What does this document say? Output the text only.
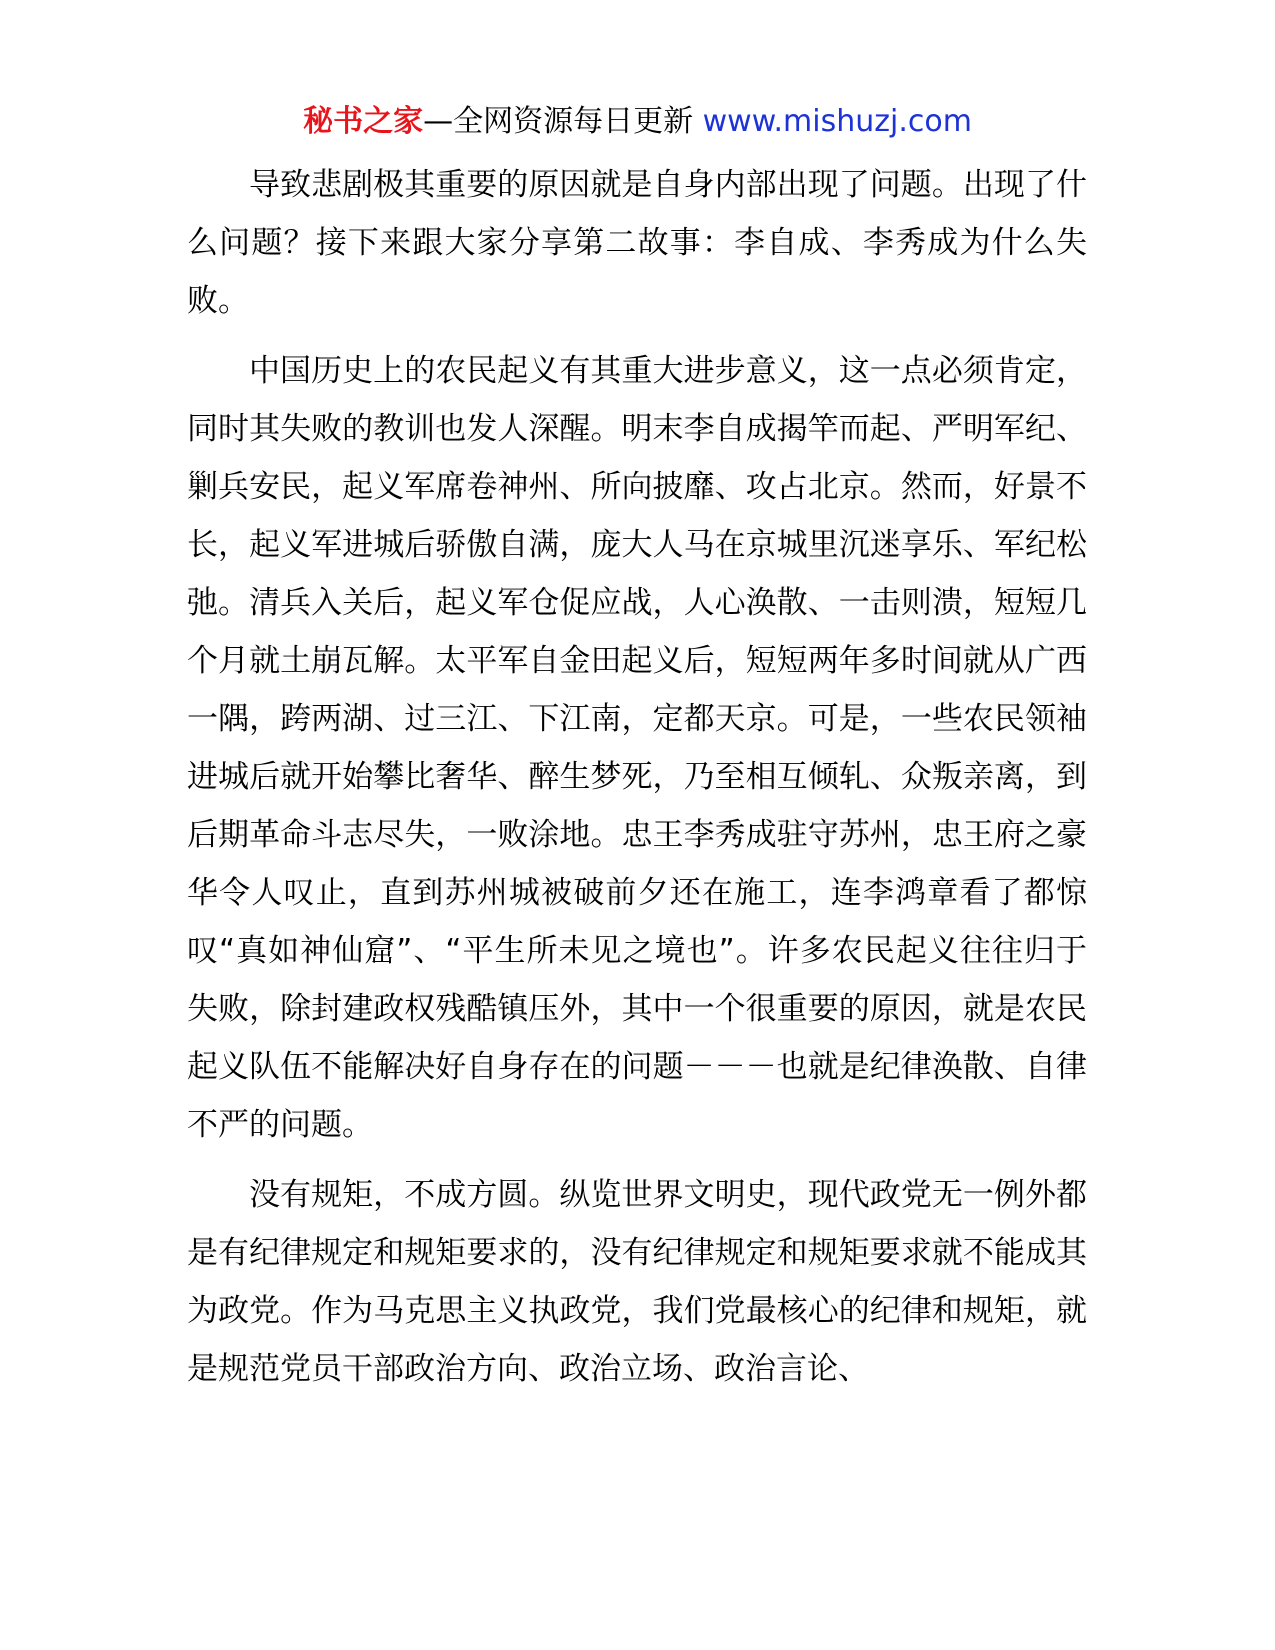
秘书之家—全网资源每日更新 www.mishuzj.com

导致悲剧极其重要的原因就是自身内部出现了问题。出现了什么问题？接下来跟大家分享第二故事：李自成、李秀成为什么失败。

中国历史上的农民起义有其重大进步意义，这一点必须肯定，同时其失败的教训也发人深醒。明末李自成揭竿而起、严明军纪、剿兵安民，起义军席卷神州、所向披靡、攻占北京。然而，好景不长，起义军进城后骄傲自满，庞大人马在京城里沉迷享乐、军纪松弛。清兵入关后，起义军仓促应战，人心涣散、一击则溃，短短几个月就土崩瓦解。太平军自金田起义后，短短两年多时间就从广西一隅，跨两湖、过三江、下江南，定都天京。可是，一些农民领袖进城后就开始攀比奢华、醉生梦死，乃至相互倾轧、众叛亲离，到后期革命斗志尽失，一败涂地。忠王李秀成驻守苏州，忠王府之豪华令人叹止，直到苏州城被破前夕还在施工，连李鸿章看了都惊叹“真如神仙窟”、“平生所未见之境也”。许多农民起义往往归于失败，除封建政权残酷镇压外，其中一个很重要的原因，就是农民起义队伍不能解决好自身存在的问题－－－也就是纪律涣散、自律不严的问题。

没有规矩，不成方圆。纵览世界文明史，现代政党无一例外都是有纪律规定和规矩要求的，没有纪律规定和规矩要求就不能成其为政党。作为马克思主义执政党，我们党最核心的纪律和规矩，就是规范党员干部政治方向、政治立场、政治言论、
